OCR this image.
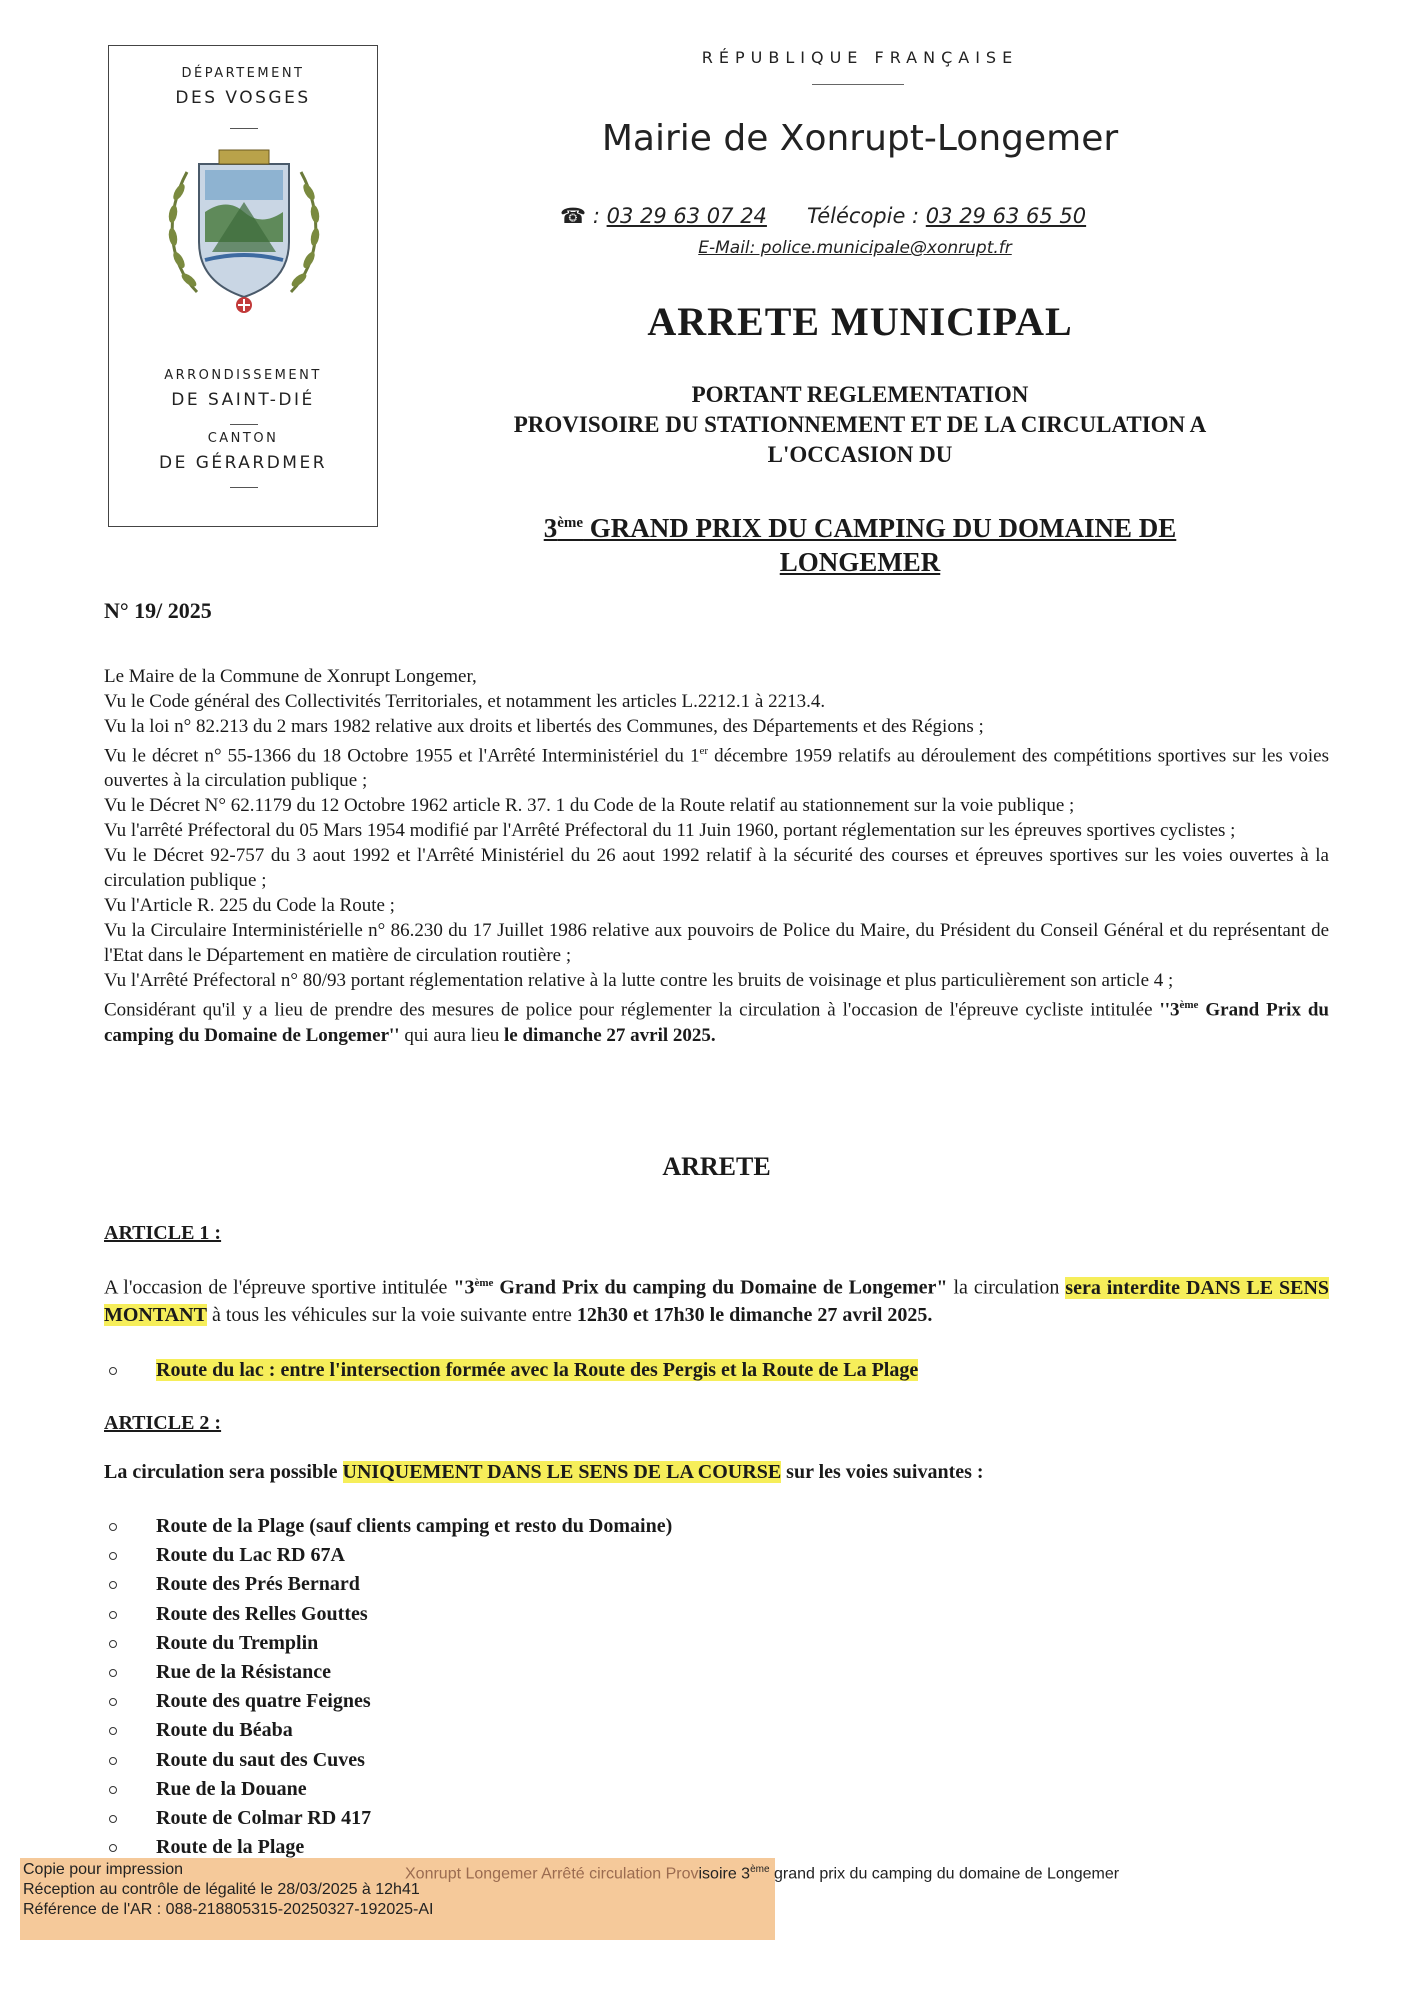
DÉPARTEMENT
DES VOSGES
ARRONDISSEMENT
DE SAINT-DIÉ
CANTON
DE GÉRARDMER
RÉPUBLIQUE FRANÇAISE
Mairie de Xonrupt-Longemer
☎ : 03 29 63 07 24 Télécopie : 03 29 63 65 50
E-Mail: police.municipale@xonrupt.fr
ARRETE MUNICIPAL
PORTANT REGLEMENTATION
PROVISOIRE DU STATIONNEMENT ET DE LA CIRCULATION A
L'OCCASION DU
3ème GRAND PRIX DU CAMPING DU DOMAINE DE
LONGEMER
N° 19/ 2025
Le Maire de la Commune de Xonrupt Longemer,
Vu le Code général des Collectivités Territoriales, et notamment les articles L.2212.1 à 2213.4.
Vu la loi n° 82.213 du 2 mars 1982 relative aux droits et libertés des Communes, des Départements et des Régions ;
Vu le décret n° 55-1366 du 18 Octobre 1955 et l'Arrêté Interministériel du 1er décembre 1959 relatifs au déroulement des compétitions sportives sur les voies ouvertes à la circulation publique ;
Vu le Décret N° 62.1179 du 12 Octobre 1962 article R. 37. 1 du Code de la Route relatif au stationnement sur la voie publique ;
Vu l'arrêté Préfectoral du 05 Mars 1954 modifié par l'Arrêté Préfectoral du 11 Juin 1960, portant réglementation sur les épreuves sportives cyclistes ;
Vu le Décret 92-757 du 3 aout 1992 et l'Arrêté Ministériel du 26 aout 1992 relatif à la sécurité des courses et épreuves sportives sur les voies ouvertes à la circulation publique ;
Vu l'Article R. 225 du Code la Route ;
Vu la Circulaire Interministérielle n° 86.230 du 17 Juillet 1986 relative aux pouvoirs de Police du Maire, du Président du Conseil Général et du représentant de l'Etat dans le Département en matière de circulation routière ;
Vu l'Arrêté Préfectoral n° 80/93 portant réglementation relative à la lutte contre les bruits de voisinage et plus particulièrement son article 4 ;
Considérant qu'il y a lieu de prendre des mesures de police pour réglementer la circulation à l'occasion de l'épreuve cycliste intitulée ''3ème Grand Prix du camping du Domaine de Longemer'' qui aura lieu le dimanche 27 avril 2025.
ARRETE
ARTICLE 1 :
A l'occasion de l'épreuve sportive intitulée "3ème Grand Prix du camping du Domaine de Longemer" la circulation sera interdite DANS LE SENS MONTANT à tous les véhicules sur la voie suivante entre 12h30 et 17h30 le dimanche 27 avril 2025.
Route du lac : entre l'intersection formée avec la Route des Pergis et la Route de La Plage
ARTICLE 2 :
La circulation sera possible UNIQUEMENT DANS LE SENS DE LA COURSE sur les voies suivantes :
Route de la Plage (sauf clients camping et resto du Domaine)
Route du Lac RD 67A
Route des Prés Bernard
Route des Relles Gouttes
Route du Tremplin
Rue de la Résistance
Route des quatre Feignes
Route du Béaba
Route du saut des Cuves
Rue de la Douane
Route de Colmar RD 417
Route de la Plage
Copie pour impression
Réception au contrôle de légalité le 28/03/2025 à 12h41
Référence de l'AR : 088-218805315-20250327-192025-AI
Xonrupt Longemer Arrêté circulation Provisoire 3ème grand prix du camping du domaine de Longemer
